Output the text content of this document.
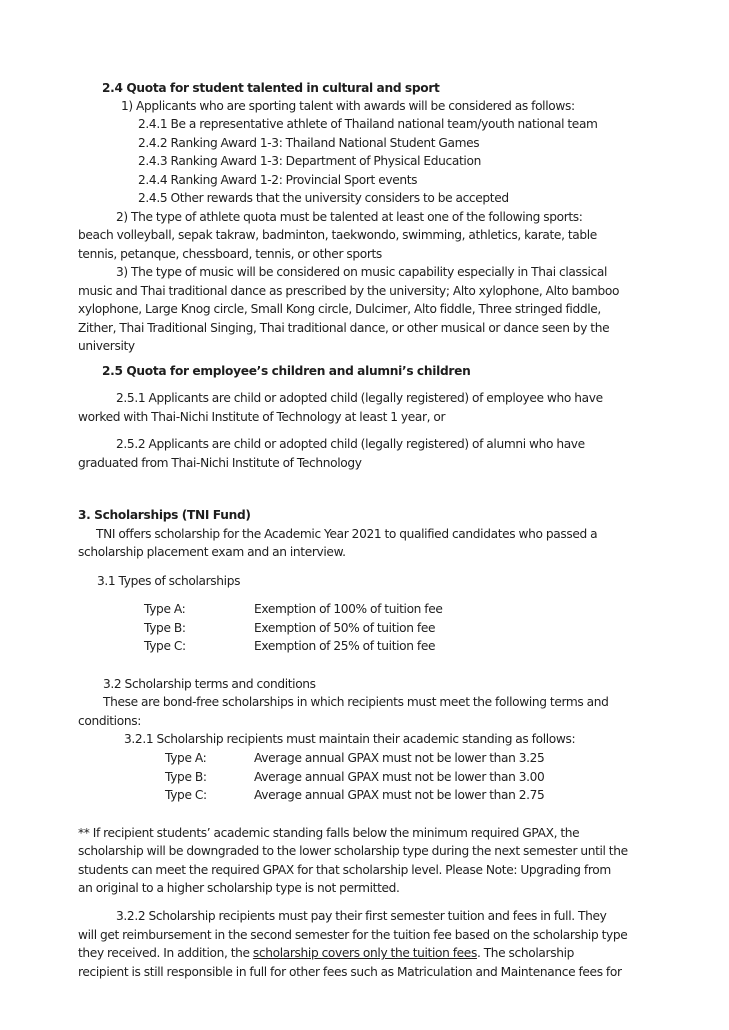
2.4 Quota for student talented in cultural and sport
1) Applicants who are sporting talent with awards will be considered as follows:
2.4.1 Be a representative athlete of Thailand national team/youth national team
2.4.2 Ranking Award 1-3: Thailand National Student Games
2.4.3 Ranking Award 1-3: Department of Physical Education
2.4.4 Ranking Award 1-2: Provincial Sport events
2.4.5 Other rewards that the university considers to be accepted
2) The type of athlete quota must be talented at least one of the following sports:
beach volleyball, sepak takraw, badminton, taekwondo, swimming, athletics, karate, table
tennis, petanque, chessboard, tennis, or other sports
3) The type of music will be considered on music capability especially in Thai classical
music and Thai traditional dance as prescribed by the university; Alto xylophone, Alto bamboo
xylophone, Large Knog circle, Small Kong circle, Dulcimer, Alto fiddle, Three stringed fiddle,
Zither, Thai Traditional Singing, Thai traditional dance, or other musical or dance seen by the
university
2.5 Quota for employee’s children and alumni’s children
2.5.1 Applicants are child or adopted child (legally registered) of employee who have
worked with Thai-Nichi Institute of Technology at least 1 year, or
2.5.2 Applicants are child or adopted child (legally registered) of alumni who have
graduated from Thai-Nichi Institute of Technology
3. Scholarships (TNI Fund)
TNI offers scholarship for the Academic Year 2021 to qualified candidates who passed a
scholarship placement exam and an interview.
3.1 Types of scholarships
Type A:	Exemption of 100% of tuition fee
Type B:	Exemption of 50% of tuition fee
Type C:	Exemption of 25% of tuition fee
3.2 Scholarship terms and conditions
These are bond-free scholarships in which recipients must meet the following terms and
conditions:
3.2.1 Scholarship recipients must maintain their academic standing as follows:
Type A:	Average annual GPAX must not be lower than 3.25
Type B:	Average annual GPAX must not be lower than 3.00
Type C:	Average annual GPAX must not be lower than 2.75
** If recipient students’ academic standing falls below the minimum required GPAX, the
scholarship will be downgraded to the lower scholarship type during the next semester until the
students can meet the required GPAX for that scholarship level. Please Note: Upgrading from
an original to a higher scholarship type is not permitted.
3.2.2 Scholarship recipients must pay their first semester tuition and fees in full. They
will get reimbursement in the second semester for the tuition fee based on the scholarship type
they received. In addition, the scholarship covers only the tuition fees. The scholarship
recipient is still responsible in full for other fees such as Matriculation and Maintenance fees for
